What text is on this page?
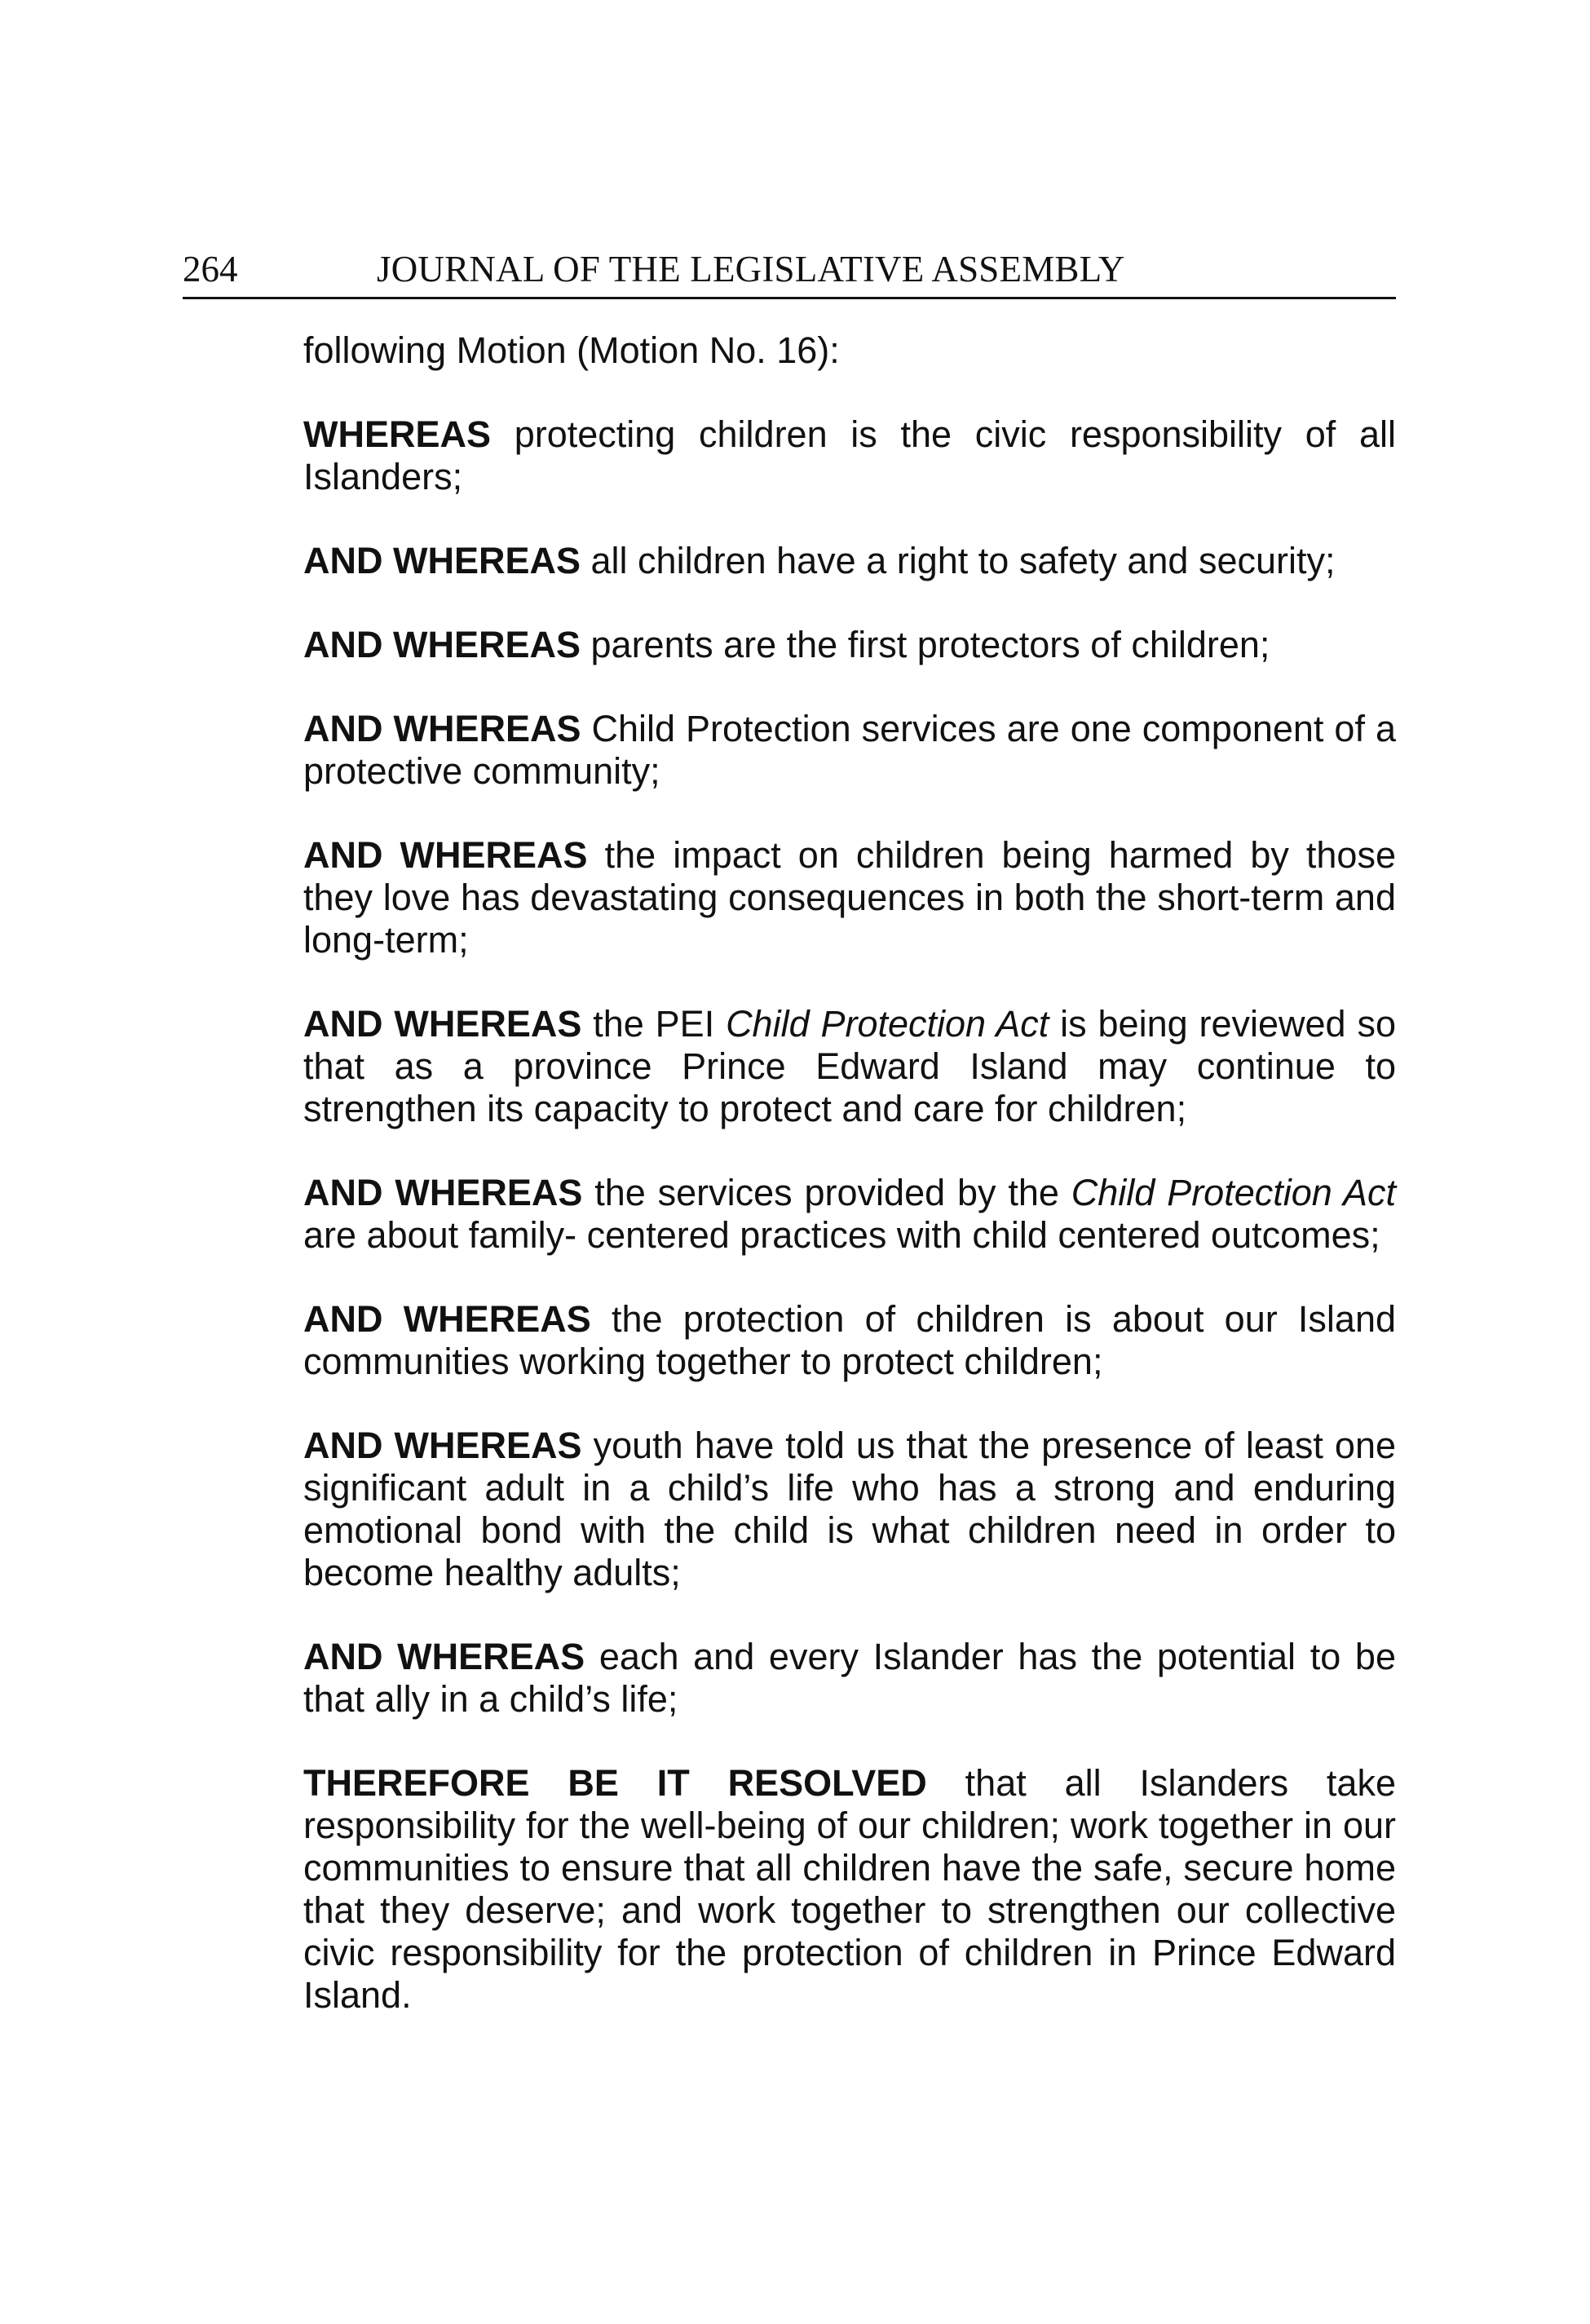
264	JOURNAL OF THE LEGISLATIVE ASSEMBLY

following Motion (Motion No. 16):

WHEREAS protecting children is the civic responsibility of all Islanders;

AND WHEREAS all children have a right to safety and security;

AND WHEREAS parents are the first protectors of children;

AND WHEREAS Child Protection services are one component of a protective community;

AND WHEREAS the impact on children being harmed by those they love has devastating consequences in both the short-term and long-term;

AND WHEREAS the PEI Child Protection Act is being reviewed so that as a province Prince Edward Island may continue to strengthen its capacity to protect and care for children;

AND WHEREAS the services provided by the Child Protection Act are about family- centered practices with child centered outcomes;

AND WHEREAS the protection of children is about our Island communities working together to protect children;

AND WHEREAS youth have told us that the presence of least one significant adult in a child’s life who has a strong and enduring emotional bond with the child is what children need in order to become healthy adults;

AND WHEREAS each and every Islander has the potential to be that ally in a child’s life;

THEREFORE BE IT RESOLVED that all Islanders take responsibility for the well-being of our children; work together in our communities to ensure that all children have the safe, secure home that they deserve; and work together to strengthen our collective civic responsibility for the protection of children in Prince Edward Island.
